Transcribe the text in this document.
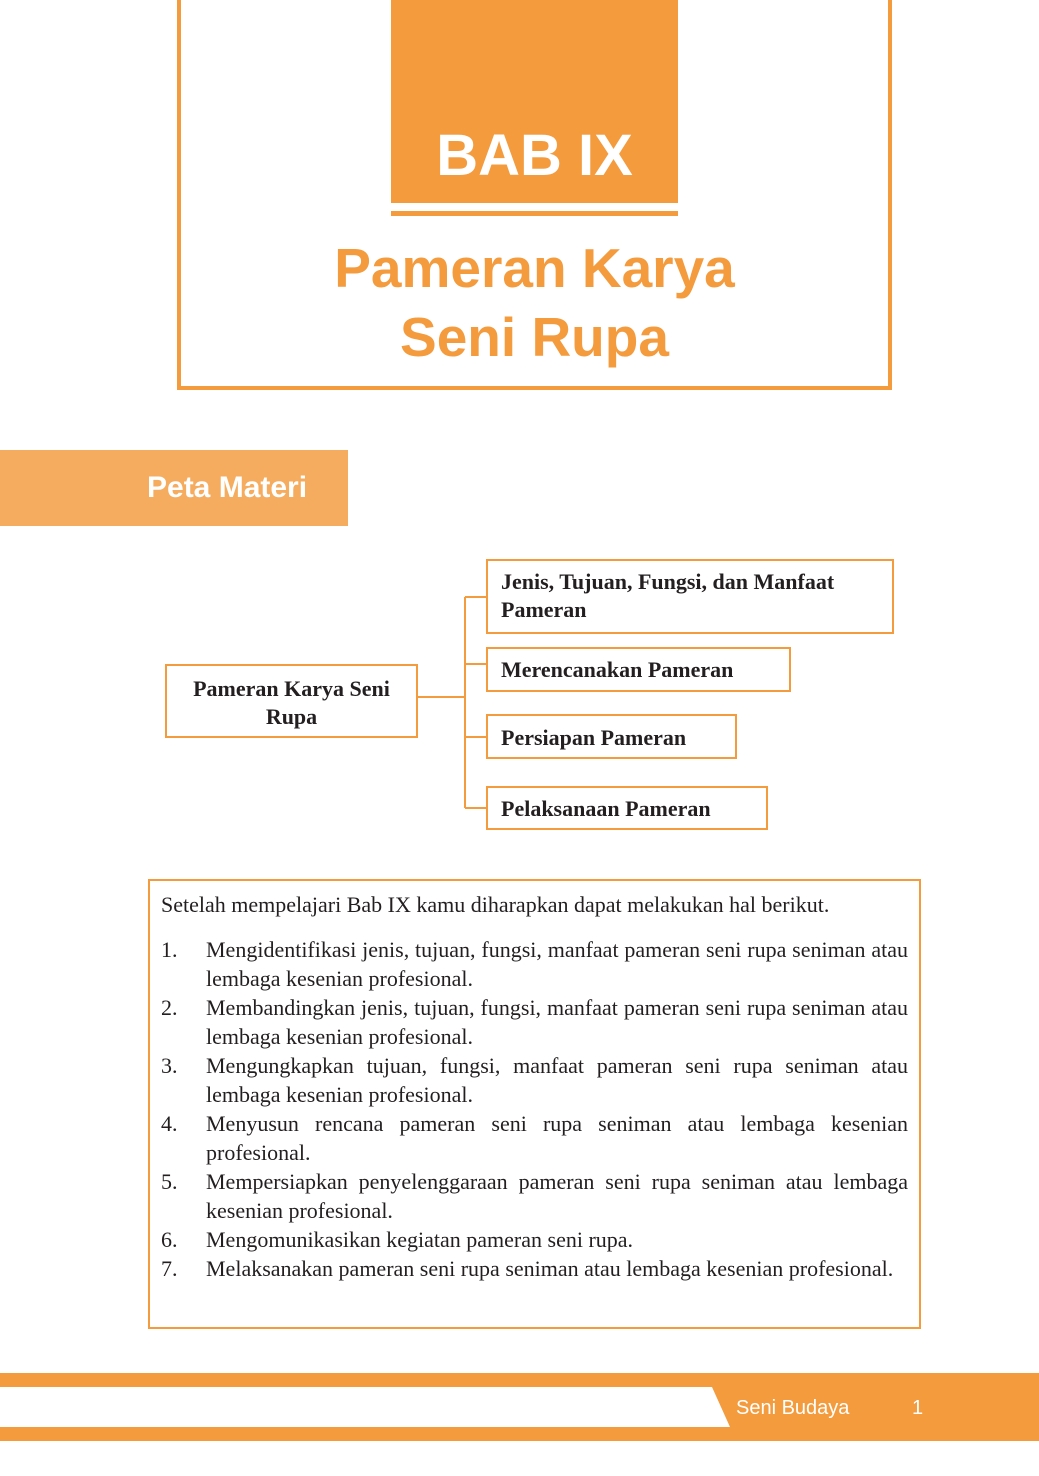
BAB IX
Pameran Karya
Seni Rupa
Peta Materi
Pameran Karya Seni
Rupa
Jenis, Tujuan, Fungsi, dan Manfaat
Pameran
Merencanakan Pameran
Persiapan Pameran
Pelaksanaan Pameran
Setelah mempelajari Bab IX kamu diharapkan dapat melakukan hal berikut.
1. Mengidentifikasi jenis, tujuan, fungsi, manfaat pameran seni rupa seniman atau lembaga kesenian profesional.
2. Membandingkan jenis, tujuan, fungsi, manfaat pameran seni rupa seniman atau lembaga kesenian profesional.
3. Mengungkapkan tujuan, fungsi, manfaat pameran seni rupa seniman atau lembaga kesenian profesional.
4. Menyusun rencana pameran seni rupa seniman atau lembaga kesenian profesional.
5. Mempersiapkan penyelenggaraan pameran seni rupa seniman atau lembaga kesenian profesional.
6. Mengomunikasikan kegiatan pameran seni rupa.
7. Melaksanakan pameran seni rupa seniman atau lembaga kesenian profesional.
Seni Budaya	1
